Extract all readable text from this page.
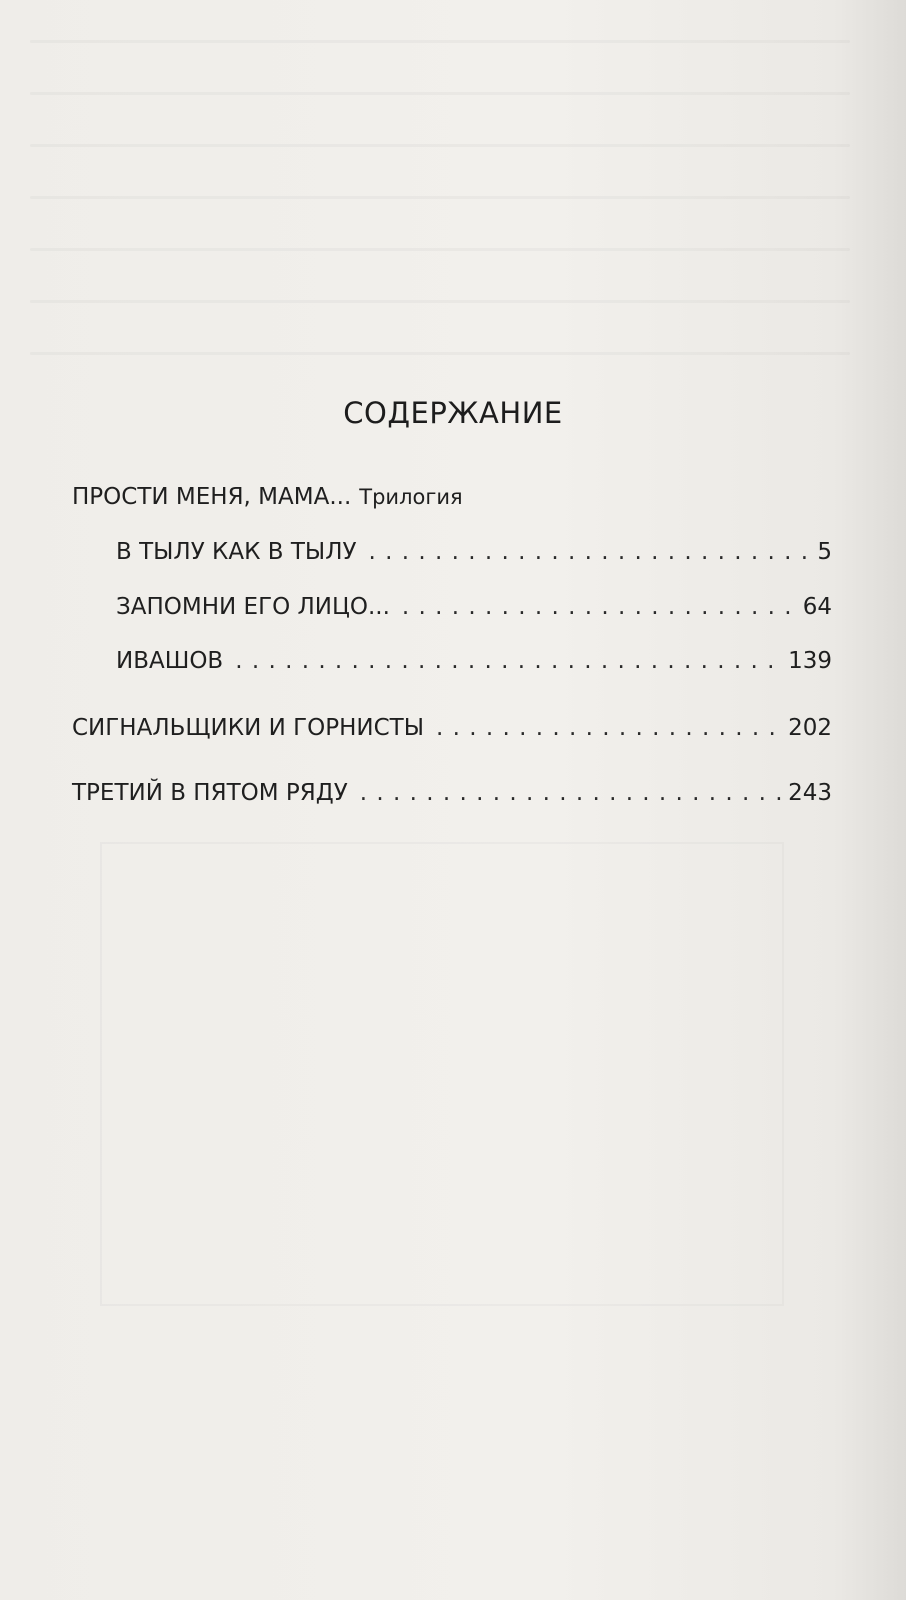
СОДЕРЖАНИЕ
ПРОСТИ МЕНЯ, МАМА... Трилогия
В ТЫЛУ КАК В ТЫЛУ . . .	5
ЗАПОМНИ ЕГО ЛИЦО... . . .	64
ИВАШОВ . . .	139
СИГНАЛЬЩИКИ И ГОРНИСТЫ . . .	202
ТРЕТИЙ В ПЯТОМ РЯДУ . . .	243
